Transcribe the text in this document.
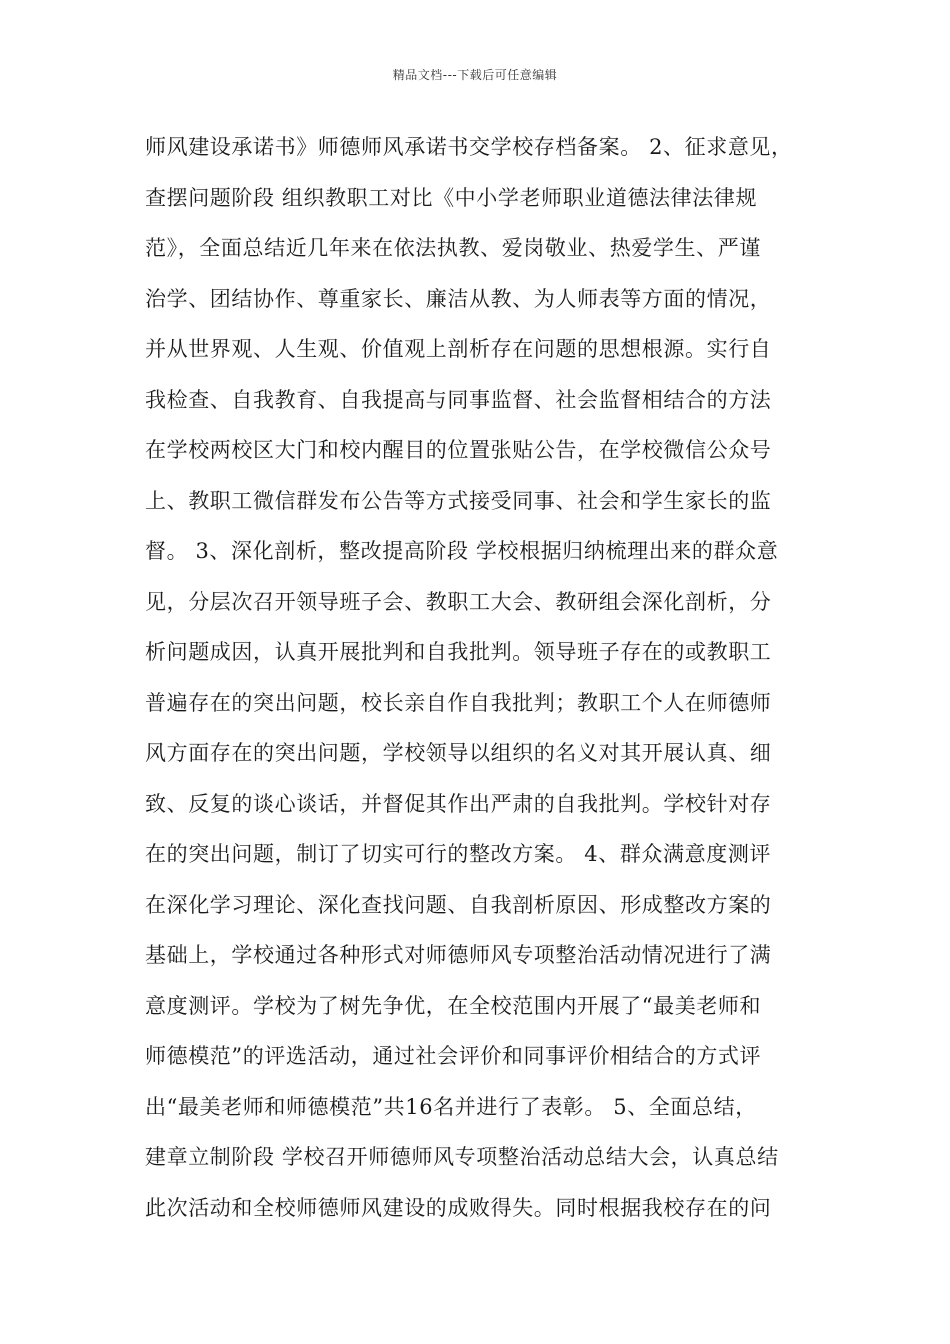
精品文档---下载后可任意编辑
师风建设承诺书》师德师风承诺书交学校存档备案。 2、征求意见，
查摆问题阶段 组织教职工对比《中小学老师职业道德法律法律规
范》，全面总结近几年来在依法执教、爱岗敬业、热爱学生、严谨
治学、团结协作、尊重家长、廉洁从教、为人师表等方面的情况，
并从世界观、人生观、价值观上剖析存在问题的思想根源。实行自
我检查、自我教育、自我提高与同事监督、社会监督相结合的方法
在学校两校区大门和校内醒目的位置张贴公告，在学校微信公众号
上、教职工微信群发布公告等方式接受同事、社会和学生家长的监
督。 3、深化剖析，整改提高阶段 学校根据归纳梳理出来的群众意
见，分层次召开领导班子会、教职工大会、教研组会深化剖析，分
析问题成因，认真开展批判和自我批判。领导班子存在的或教职工
普遍存在的突出问题，校长亲自作自我批判；教职工个人在师德师
风方面存在的突出问题，学校领导以组织的名义对其开展认真、细
致、反复的谈心谈话，并督促其作出严肃的自我批判。学校针对存
在的突出问题，制订了切实可行的整改方案。 4、群众满意度测评
在深化学习理论、深化查找问题、自我剖析原因、形成整改方案的
基础上，学校通过各种形式对师德师风专项整治活动情况进行了满
意度测评。学校为了树先争优，在全校范围内开展了“最美老师和
师德模范”的评选活动，通过社会评价和同事评价相结合的方式评
出“最美老师和师德模范”共16名并进行了表彰。 5、全面总结，
建章立制阶段 学校召开师德师风专项整治活动总结大会，认真总结
此次活动和全校师德师风建设的成败得失。同时根据我校存在的问
